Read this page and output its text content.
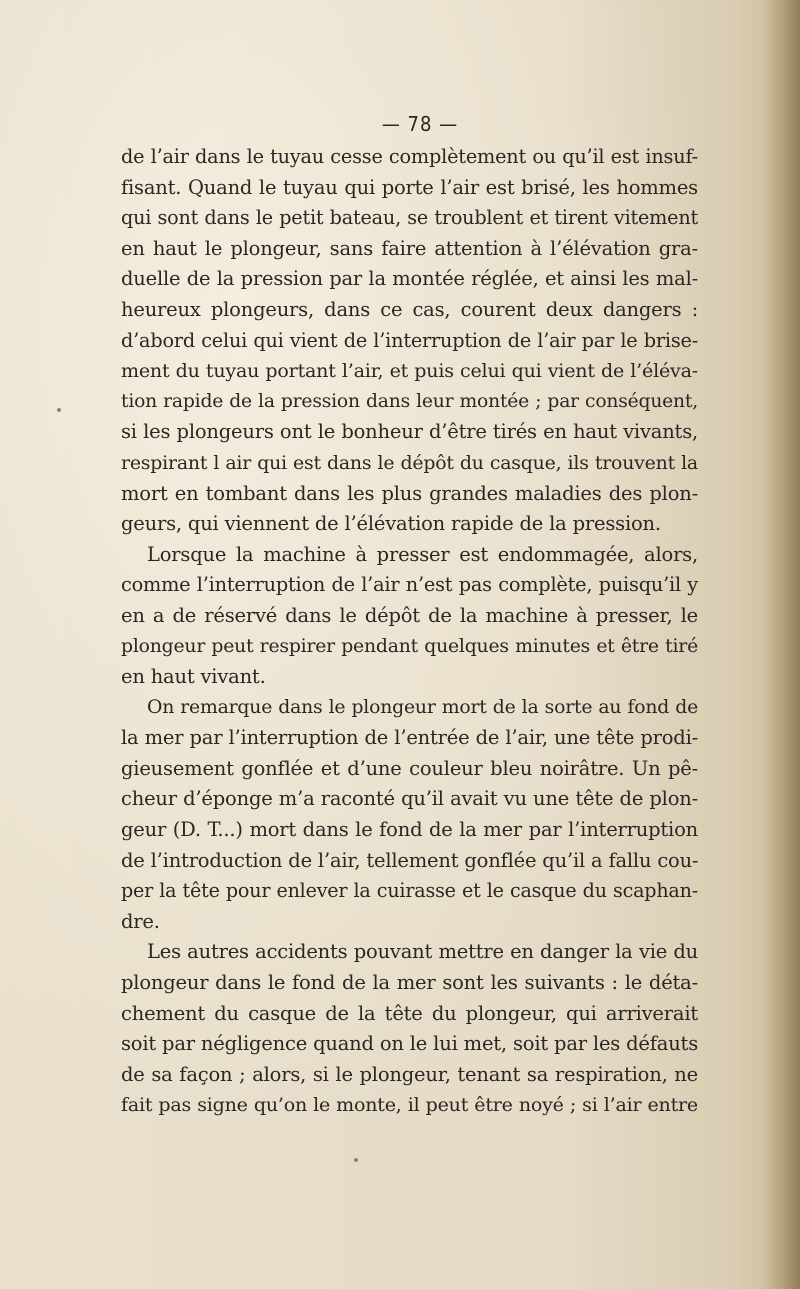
— 78 —
de l’air dans le tuyau cesse complètement ou qu’il est insuf-
fisant. Quand le tuyau qui porte l’air est brisé, les hommes
qui sont dans le petit bateau, se troublent et tirent vitement
en haut le plongeur, sans faire attention à l’élévation gra-
duelle de la pression par la montée réglée, et ainsi les mal-
heureux plongeurs, dans ce cas, courent deux dangers :
d’abord celui qui vient de l’interruption de l’air par le brise-
ment du tuyau portant l’air, et puis celui qui vient de l’éléva-
tion rapide de la pression dans leur montée ; par conséquent,
si les plongeurs ont le bonheur d’être tirés en haut vivants,
respirant l air qui est dans le dépôt du casque, ils trouvent la
mort en tombant dans les plus grandes maladies des plon-
geurs, qui viennent de l’élévation rapide de la pression.
Lorsque la machine à presser est endommagée, alors,
comme l’interruption de l’air n’est pas complète, puisqu’il y
en a de réservé dans le dépôt de la machine à presser, le
plongeur peut respirer pendant quelques minutes et être tiré
en haut vivant.
On remarque dans le plongeur mort de la sorte au fond de
la mer par l’interruption de l’entrée de l’air, une tête prodi-
gieusement gonflée et d’une couleur bleu noirâtre. Un pê-
cheur d’éponge m’a raconté qu’il avait vu une tête de plon-
geur (D. T...) mort dans le fond de la mer par l’interruption
de l’introduction de l’air, tellement gonflée qu’il a fallu cou-
per la tête pour enlever la cuirasse et le casque du scaphan-
dre.
Les autres accidents pouvant mettre en danger la vie du
plongeur dans le fond de la mer sont les suivants : le déta-
chement du casque de la tête du plongeur, qui arriverait
soit par négligence quand on le lui met, soit par les défauts
de sa façon ; alors, si le plongeur, tenant sa respiration, ne
fait pas signe qu’on le monte, il peut être noyé ; si l’air entre
